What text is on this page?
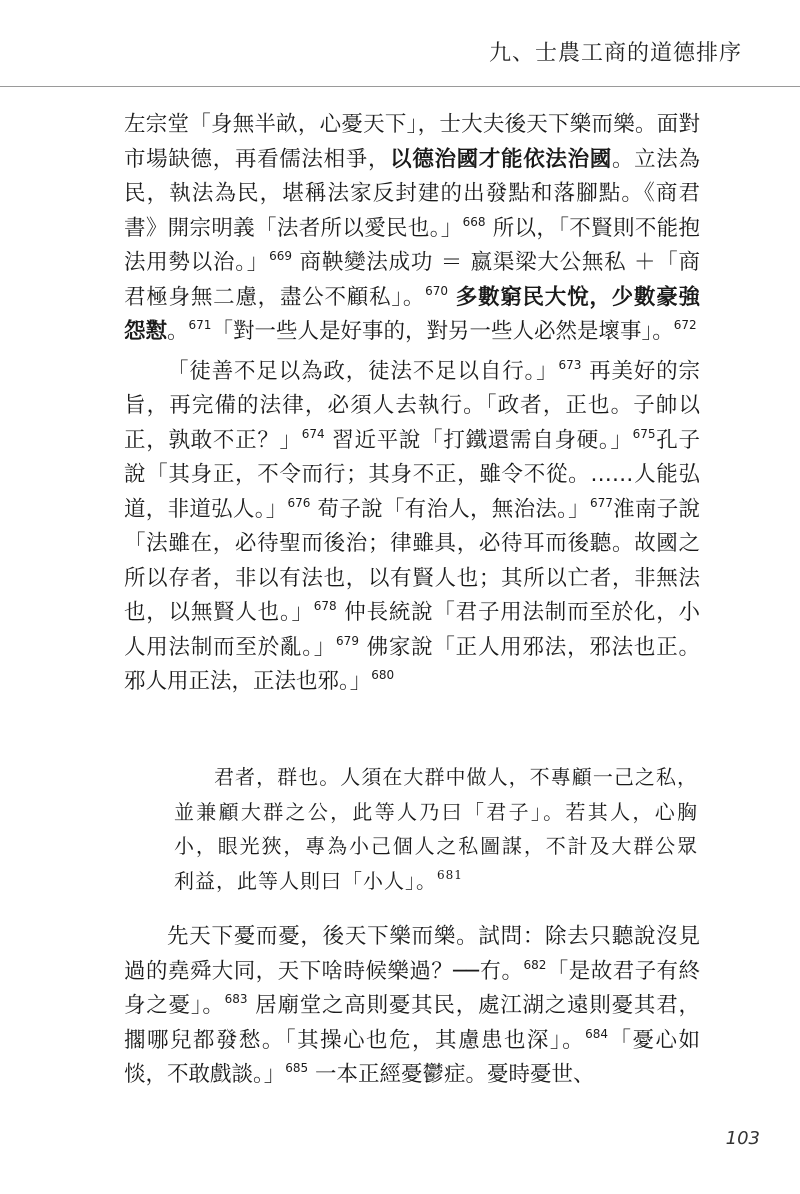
九、士農工商的道德排序

左宗堂「身無半畝，心憂天下」，士大夫後天下樂而樂。面對市場缺德，再看儒法相爭，以德治國才能依法治國。立法為民，執法為民，堪稱法家反封建的出發點和落腳點。《商君書》開宗明義「法者所以愛民也。」$^{668}$ 所以，「不賢則不能抱法用勢以治。」$^{669}$ 商鞅變法成功 ＝ 嬴渠梁大公無私 ＋「商君極身無二慮，盡公不顧私」。$^{670}$ 多數窮民大悅，少數豪強怨懟。$^{671}$「對一些人是好事的，對另一些人必然是壞事」。$^{672}$

「徒善不足以為政，徒法不足以自行。」$^{673}$ 再美好的宗旨，再完備的法律，必須人去執行。「政者，正也。子帥以正，孰敢不正？」$^{674}$ 習近平說「打鐵還需自身硬。」$^{675}$孔子說「其身正，不令而行；其身不正，雖令不從。……人能弘道，非道弘人。」$^{676}$ 荀子說「有治人，無治法。」$^{677}$淮南子說「法雖在，必待聖而後治；律雖具，必待耳而後聽。故國之所以存者，非以有法也，以有賢人也；其所以亡者，非無法也，以無賢人也。」$^{678}$ 仲長統說「君子用法制而至於化，小人用法制而至於亂。」$^{679}$ 佛家說「正人用邪法，邪法也正。邪人用正法，正法也邪。」$^{680}$

君者，群也。人須在大群中做人，不專顧一己之私，並兼顧大群之公，此等人乃曰「君子」。若其人，心胸小，眼光狹，專為小己個人之私圖謀，不計及大群公眾利益，此等人則曰「小人」。$^{681}$

先天下憂而憂，後天下樂而樂。試問：除去只聽說沒見過的堯舜大同，天下啥時候樂過？──冇。$^{682}$「是故君子有終身之憂」。$^{683}$ 居廟堂之高則憂其民，處江湖之遠則憂其君，擱哪兒都發愁。「其操心也危，其慮患也深」。$^{684}$「憂心如惔，不敢戲談。」$^{685}$ 一本正經憂鬱症。憂時憂世、

103
